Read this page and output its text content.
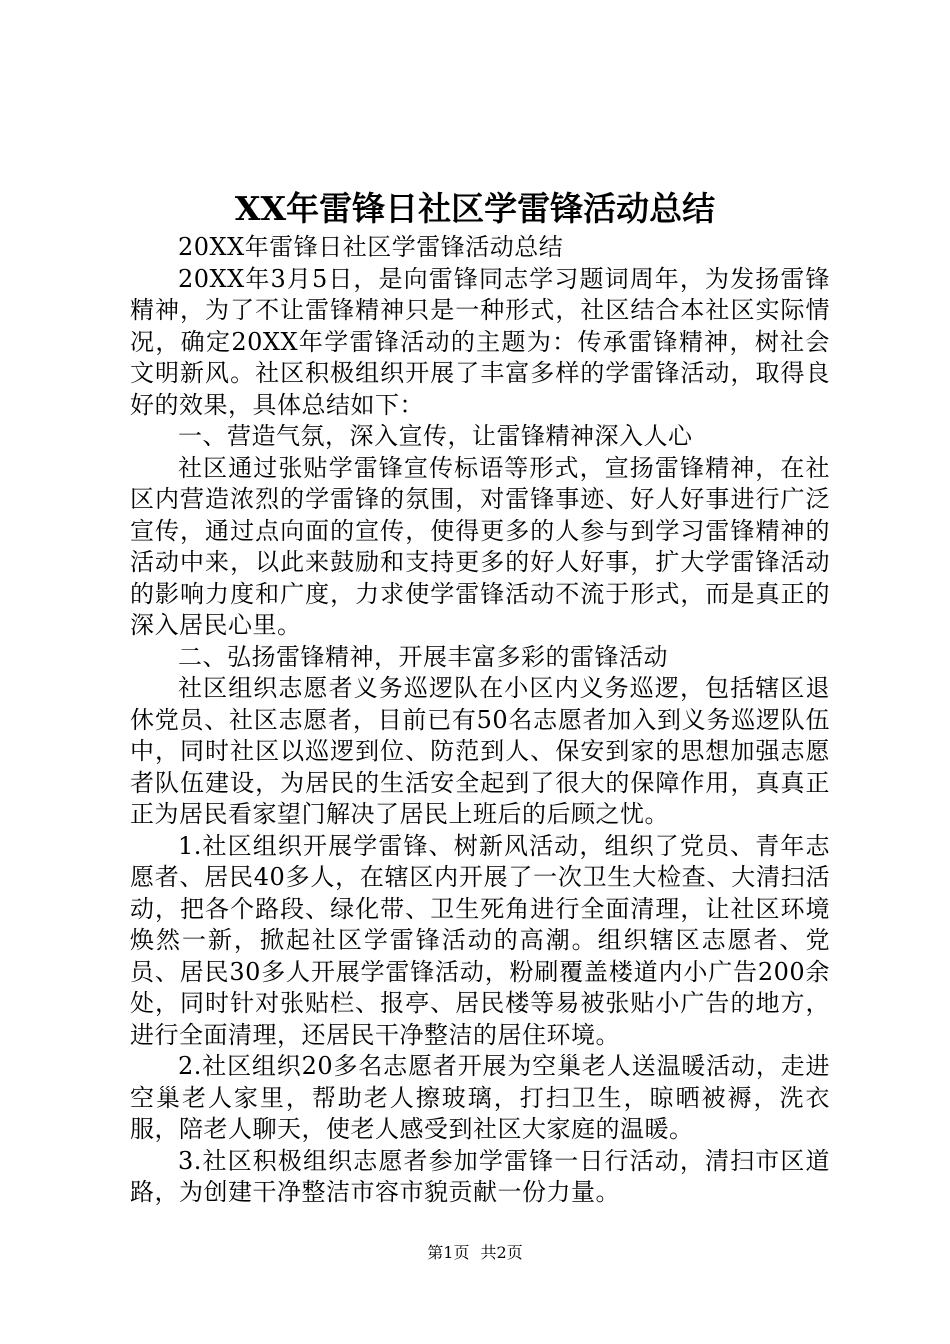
XX年雷锋日社区学雷锋活动总结

20XX年雷锋日社区学雷锋活动总结

20XX年3月5日，是向雷锋同志学习题词周年，为发扬雷锋精神，为了不让雷锋精神只是一种形式，社区结合本社区实际情况，确定20XX年学雷锋活动的主题为：传承雷锋精神，树社会文明新风。社区积极组织开展了丰富多样的学雷锋活动，取得良好的效果，具体总结如下：

一、营造气氛，深入宣传，让雷锋精神深入人心

社区通过张贴学雷锋宣传标语等形式，宣扬雷锋精神，在社区内营造浓烈的学雷锋的氛围，对雷锋事迹、好人好事进行广泛宣传，通过点向面的宣传，使得更多的人参与到学习雷锋精神的活动中来，以此来鼓励和支持更多的好人好事，扩大学雷锋活动的影响力度和广度，力求使学雷锋活动不流于形式，而是真正的深入居民心里。

二、弘扬雷锋精神，开展丰富多彩的雷锋活动

社区组织志愿者义务巡逻队在小区内义务巡逻，包括辖区退休党员、社区志愿者，目前已有50名志愿者加入到义务巡逻队伍中，同时社区以巡逻到位、防范到人、保安到家的思想加强志愿者队伍建设，为居民的生活安全起到了很大的保障作用，真真正正为居民看家望门解决了居民上班后的后顾之忧。

1.社区组织开展学雷锋、树新风活动，组织了党员、青年志愿者、居民40多人，在辖区内开展了一次卫生大检查、大清扫活动，把各个路段、绿化带、卫生死角进行全面清理，让社区环境焕然一新，掀起社区学雷锋活动的高潮。组织辖区志愿者、党员、居民30多人开展学雷锋活动，粉刷覆盖楼道内小广告200余处，同时针对张贴栏、报亭、居民楼等易被张贴小广告的地方，进行全面清理，还居民干净整洁的居住环境。

2.社区组织20多名志愿者开展为空巢老人送温暖活动，走进空巢老人家里，帮助老人擦玻璃，打扫卫生，晾晒被褥，洗衣服，陪老人聊天，使老人感受到社区大家庭的温暖。

3.社区积极组织志愿者参加学雷锋一日行活动，清扫市区道路，为创建干净整洁市容市貌贡献一份力量。

第1页 共2页
